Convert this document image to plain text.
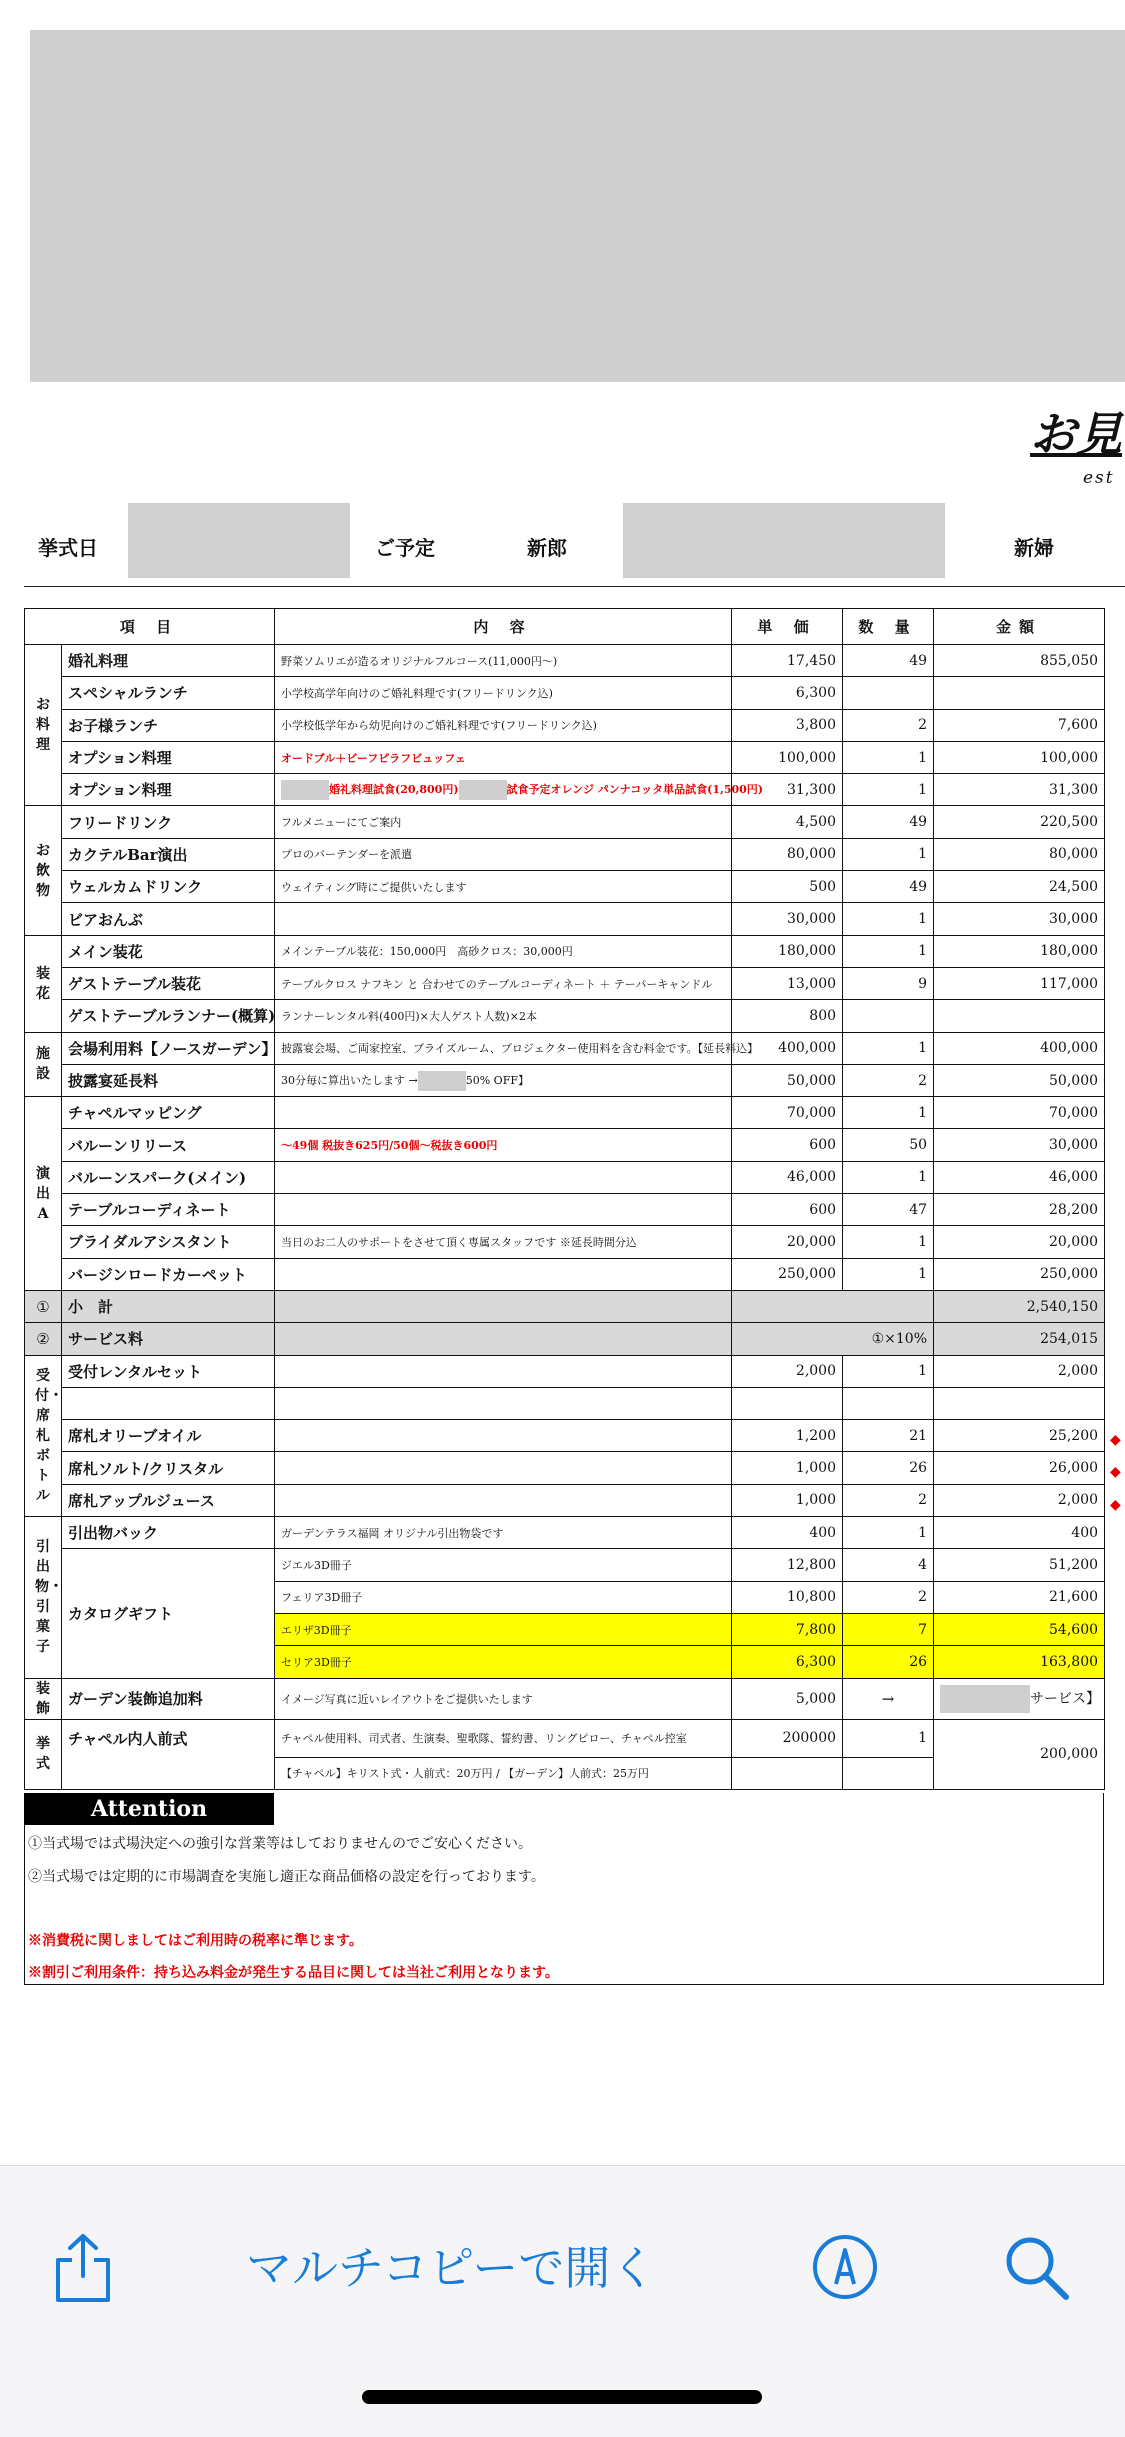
お見
est
挙式日	ご予定	新郎	新婦
項 目		内 容	単 価	数 量	金額
お料理	婚礼料理	野菜ソムリエが造るオリジナルフルコース(11,000円～)	17,450	49	855,050
	スペシャルランチ	小学校高学年向けのご婚礼料理です(フリードリンク込)	6,300		
	お子様ランチ	小学校低学年から幼児向けのご婚礼料理です(フリードリンク込)	3,800	2	7,600
	オプション料理	オードブル＋ビーフピラフビュッフェ	100,000	1	100,000
	オプション料理	婚礼料理試食(20,800円) 試食予定オレンジ パンナコッタ単品試食(1,500円)	31,300	1	31,300
お飲物	フリードリンク	フルメニューにてご案内	4,500	49	220,500
	カクテルBar演出	プロのバーテンダーを派遣	80,000	1	80,000
	ウェルカムドリンク	ウェイティング時にご提供いたします	500	49	24,500
	ビアおんぶ		30,000	1	30,000
装花	メイン装花	メインテーブル装花：150,000円　高砂クロス：30,000円	180,000	1	180,000
	ゲストテーブル装花	テーブルクロス ナフキン と 合わせてのテーブルコーディネート ＋ テーパーキャンドル	13,000	9	117,000
	ゲストテーブルランナー(概算)	ランナーレンタル料(400円)×大人ゲスト人数)×2本	800		
施設	会場利用料【ノースガーデン】	披露宴会場、ご両家控室、ブライズルーム、プロジェクター使用料を含む料金です。【延長料込】	400,000	1	400,000
	披露宴延長料	30分毎に算出いたします → 50% OFF】	50,000	2	50,000
演出A	チャペルマッピング		70,000	1	70,000
	バルーンリリース	～49個 税抜き625円/50個～税抜き600円	600	50	30,000
	バルーンスパーク(メイン)		46,000	1	46,000
	テーブルコーディネート		600	47	28,200
	ブライダルアシスタント	当日のお二人のサポートをさせて頂く専属スタッフです ※延長時間分込	20,000	1	20,000
	バージンロードカーペット		250,000	1	250,000
①	小　計				2,540,150
②	サービス料		①×10%		254,015
受付・席札ボトル	受付レンタルセット		2,000	1	2,000

	席札オリーブオイル		1,200	21	25,200
	席札ソルト/クリスタル		1,000	26	26,000
	席札アップルジュース		1,000	2	2,000
引出物・引菓子	引出物バック	ガーデンテラス福岡 オリジナル引出物袋です	400	1	400
	カタログギフト	ジエル3D冊子	12,800	4	51,200
		フェリア3D冊子	10,800	2	21,600
		エリザ3D冊子	7,800	7	54,600
		セリア3D冊子	6,300	26	163,800
装飾	ガーデン装飾追加料	イメージ写真に近いレイアウトをご提供いたします	5,000	→	サービス】
挙式	チャペル内人前式	チャペル使用料、司式者、生演奏、聖歌隊、誓約書、リングピロー、チャペル控室	200000	1	200,000
		【チャペル】キリスト式・人前式：20万円 / 【ガーデン】人前式：25万円			
◆
◆
◆
Attention
①当式場では式場決定への強引な営業等はしておりませんのでご安心ください。
②当式場では定期的に市場調査を実施し適正な商品価格の設定を行っております。
※消費税に関しましてはご利用時の税率に準じます。
※割引ご利用条件：持ち込み料金が発生する品目に関しては当社ご利用となります。
マルチコピーで開く
